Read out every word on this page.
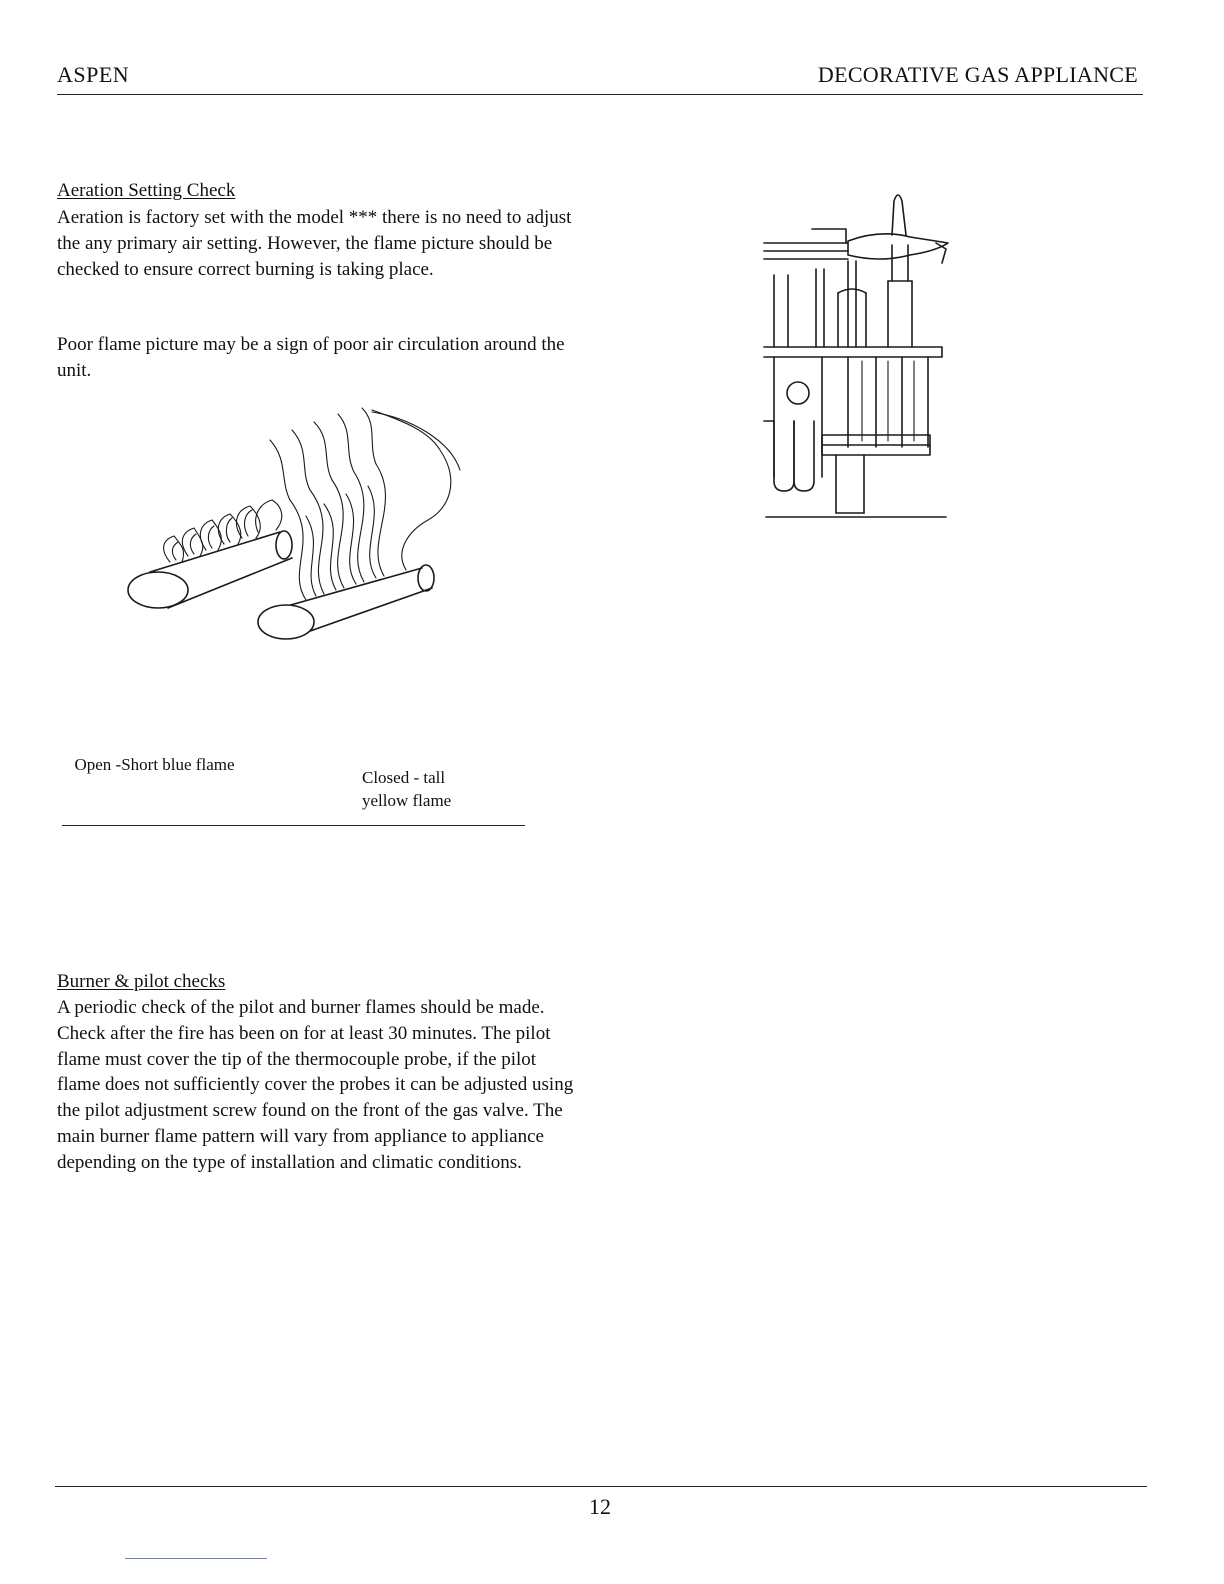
ASPEN	DECORATIVE GAS APPLIANCE
Aeration Setting Check

Aeration is factory set with the model *** there is no need to adjust the any primary air setting. However, the flame picture should be checked to ensure correct burning is taking place.

Poor flame picture may be a sign of poor air circulation around the unit.

Open -Short blue flame
Closed - tall yellow flame
Burner & pilot checks

A periodic check of the pilot and burner flames should be made. Check after the fire has been on for at least 30 minutes. The pilot flame must cover the tip of the thermocouple probe, if the pilot flame does not sufficiently cover the probes it can be adjusted using the pilot adjustment screw found on the front of the gas valve. The main burner flame pattern will vary from appliance to appliance depending on the type of installation and climatic conditions.

12
